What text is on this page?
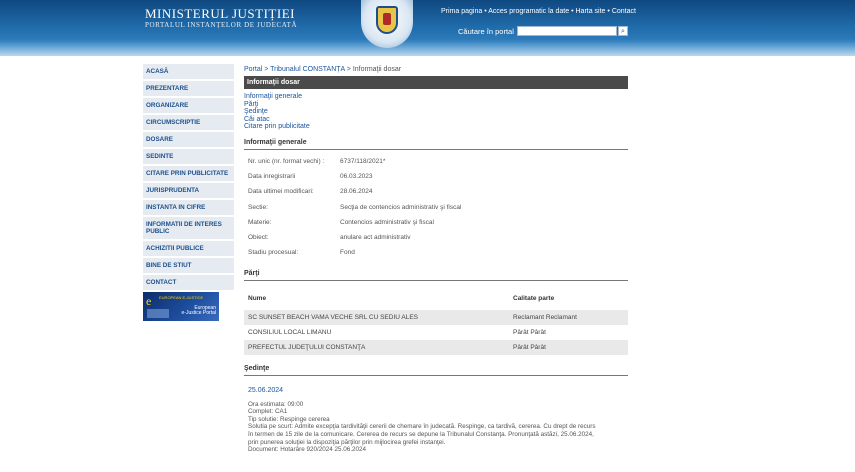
MINISTERUL JUSTIȚIEI
PORTALUL INSTANȚELOR DE JUDECATĂ
Prima pagina • Acces programatic la date • Harta site • Contact
Căutare în portal	⌕
ACASĂ
PREZENTARE
ORGANIZARE
CIRCUMSCRIPTIE
DOSARE
SEDINTE
CITARE PRIN PUBLICITATE
JURISPRUDENTA
INSTANTA IN CIFRE
INFORMATII DE INTERES PUBLIC
ACHIZITII PUBLICE
BINE DE STIUT
CONTACT
e EUROPEAN E-JUSTICE
European
e-Justice Portal
Portal > Tribunalul CONSTANȚA > Informaţii dosar
Informaţii dosar
Informaţii generale
Părţi
Şedinţe
Căi atac
Citare prin publicitate
Informaţii generale
Nr. unic (nr. format vechi) :	6737/118/2021*
Data inregistrarii	06.03.2023
Data ultimei modificari:	28.06.2024
Sectie:	Secţia de contencios administrativ şi fiscal
Materie:	Contencios administrativ şi fiscal
Obiect:	anulare act administrativ
Stadiu procesual:	Fond
Părţi
Nume	Calitate parte
SC SUNSET BEACH VAMA VECHE SRL CU SEDIU ALES	Reclamant Reclamant
CONSILIUL LOCAL LIMANU	Pârât Pârât
PREFECTUL JUDEŢULUI CONSTANŢA	Pârât Pârât
Şedinţe
25.06.2024
Ora estimata: 09:00
Complet: CA1
Tip solutie: Respinge cererea
Solutia pe scurt: Admite excepţia tardivităţii cererii de chemare în judecată. Respinge, ca tardivă, cererea. Cu drept de recurs
în termen de 15 zile de la comunicare. Cererea de recurs se depune la Tribunalul Constanţa. Pronunţată astăzi, 25.06.2024,
prin punerea soluţiei la dispoziţia părţilor prin mijlocirea grefei instanţei.
Document: Hotarâre 920/2024 25.06.2024
